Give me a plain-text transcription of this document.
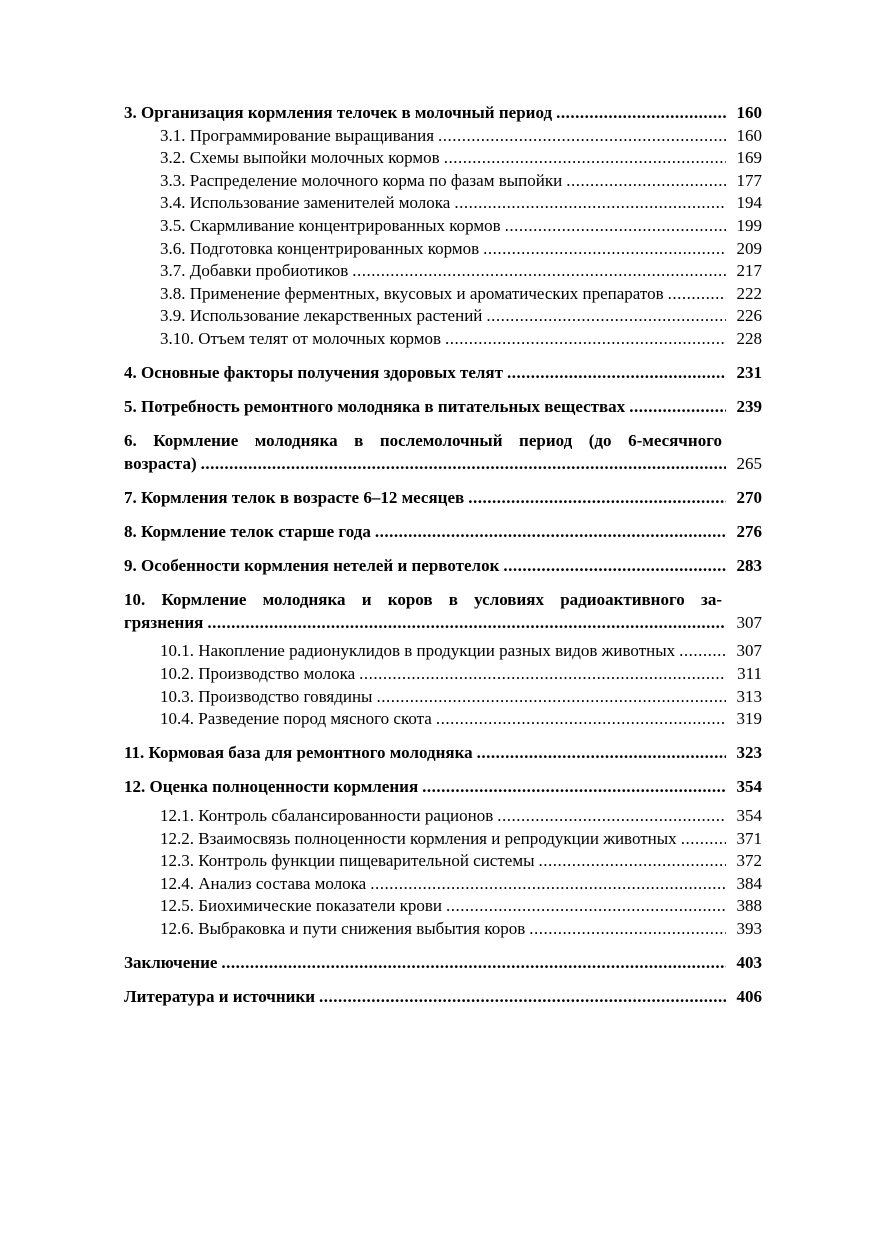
3. Организация кормления телочек в молочный период .....	160
3.1. Программирование выращивания .....	160
3.2. Схемы выпойки молочных кормов .....	169
3.3. Распределение молочного корма по фазам выпойки .....	177
3.4. Использование заменителей молока .....	194
3.5. Скармливание концентрированных кормов .....	199
3.6. Подготовка концентрированных кормов .....	209
3.7. Добавки пробиотиков .....	217
3.8. Применение ферментных, вкусовых и ароматических препаратов .....	222
3.9. Использование лекарственных растений .....	226
3.10. Отъем телят от молочных кормов .....	228
4. Основные факторы получения здоровых телят .....	231
5. Потребность ремонтного молодняка в питательных веществах .....	239
6. Кормление молодняка в послемолочный период (до 6-месячного
возраста) .....	265
7. Кормления телок в возрасте 6–12 месяцев .....	270
8. Кормление телок старше года .....	276
9. Особенности кормления нетелей и первотелок .....	283
10. Кормление молодняка и коров в условиях радиоактивного за-
грязнения .....	307
10.1. Накопление радионуклидов в продукции разных видов животных .....	307
10.2. Производство молока .....	311
10.3. Производство говядины .....	313
10.4. Разведение пород мясного скота .....	319
11. Кормовая база для ремонтного молодняка .....	323
12. Оценка полноценности кормления .....	354
12.1. Контроль сбалансированности рационов .....	354
12.2. Взаимосвязь полноценности кормления и репродукции животных .....	371
12.3. Контроль функции пищеварительной системы .....	372
12.4. Анализ состава молока .....	384
12.5. Биохимические показатели крови .....	388
12.6. Выбраковка и пути снижения выбытия коров .....	393
Заключение .....	403
Литература и источники .....	406
